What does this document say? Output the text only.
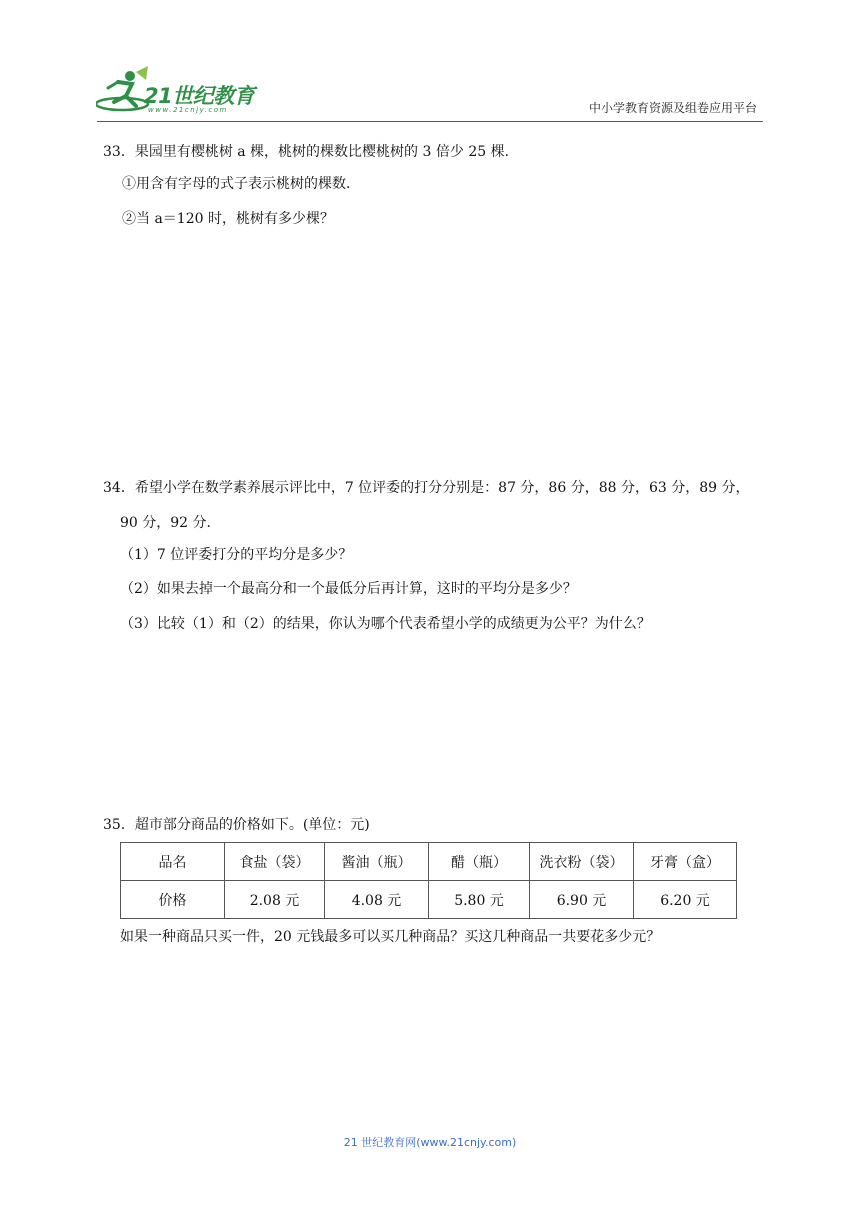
21世纪教育
www.21cnjy.com	中小学教育资源及组卷应用平台
33．果园里有樱桃树 a 棵，桃树的棵数比樱桃树的 3 倍少 25 棵．
①用含有字母的式子表示桃树的棵数．
②当 a＝120 时，桃树有多少棵？
34．希望小学在数学素养展示评比中，7 位评委的打分分别是：87 分，86 分，88 分，63 分，89 分，
90 分，92 分．
（1）7 位评委打分的平均分是多少？
（2）如果去掉一个最高分和一个最低分后再计算，这时的平均分是多少？
（3）比较（1）和（2）的结果，你认为哪个代表希望小学的成绩更为公平？为什么？
35．超市部分商品的价格如下。(单位：元)
如果一种商品只买一件，20 元钱最多可以买几种商品？买这几种商品一共要花多少元？
品名	食盐（袋）	酱油（瓶）	醋（瓶）	洗衣粉（袋）	牙膏（盒）
价格	2.08 元	4.08 元	5.80 元	6.90 元	6.20 元
21 世纪教育网(www.21cnjy.com)
